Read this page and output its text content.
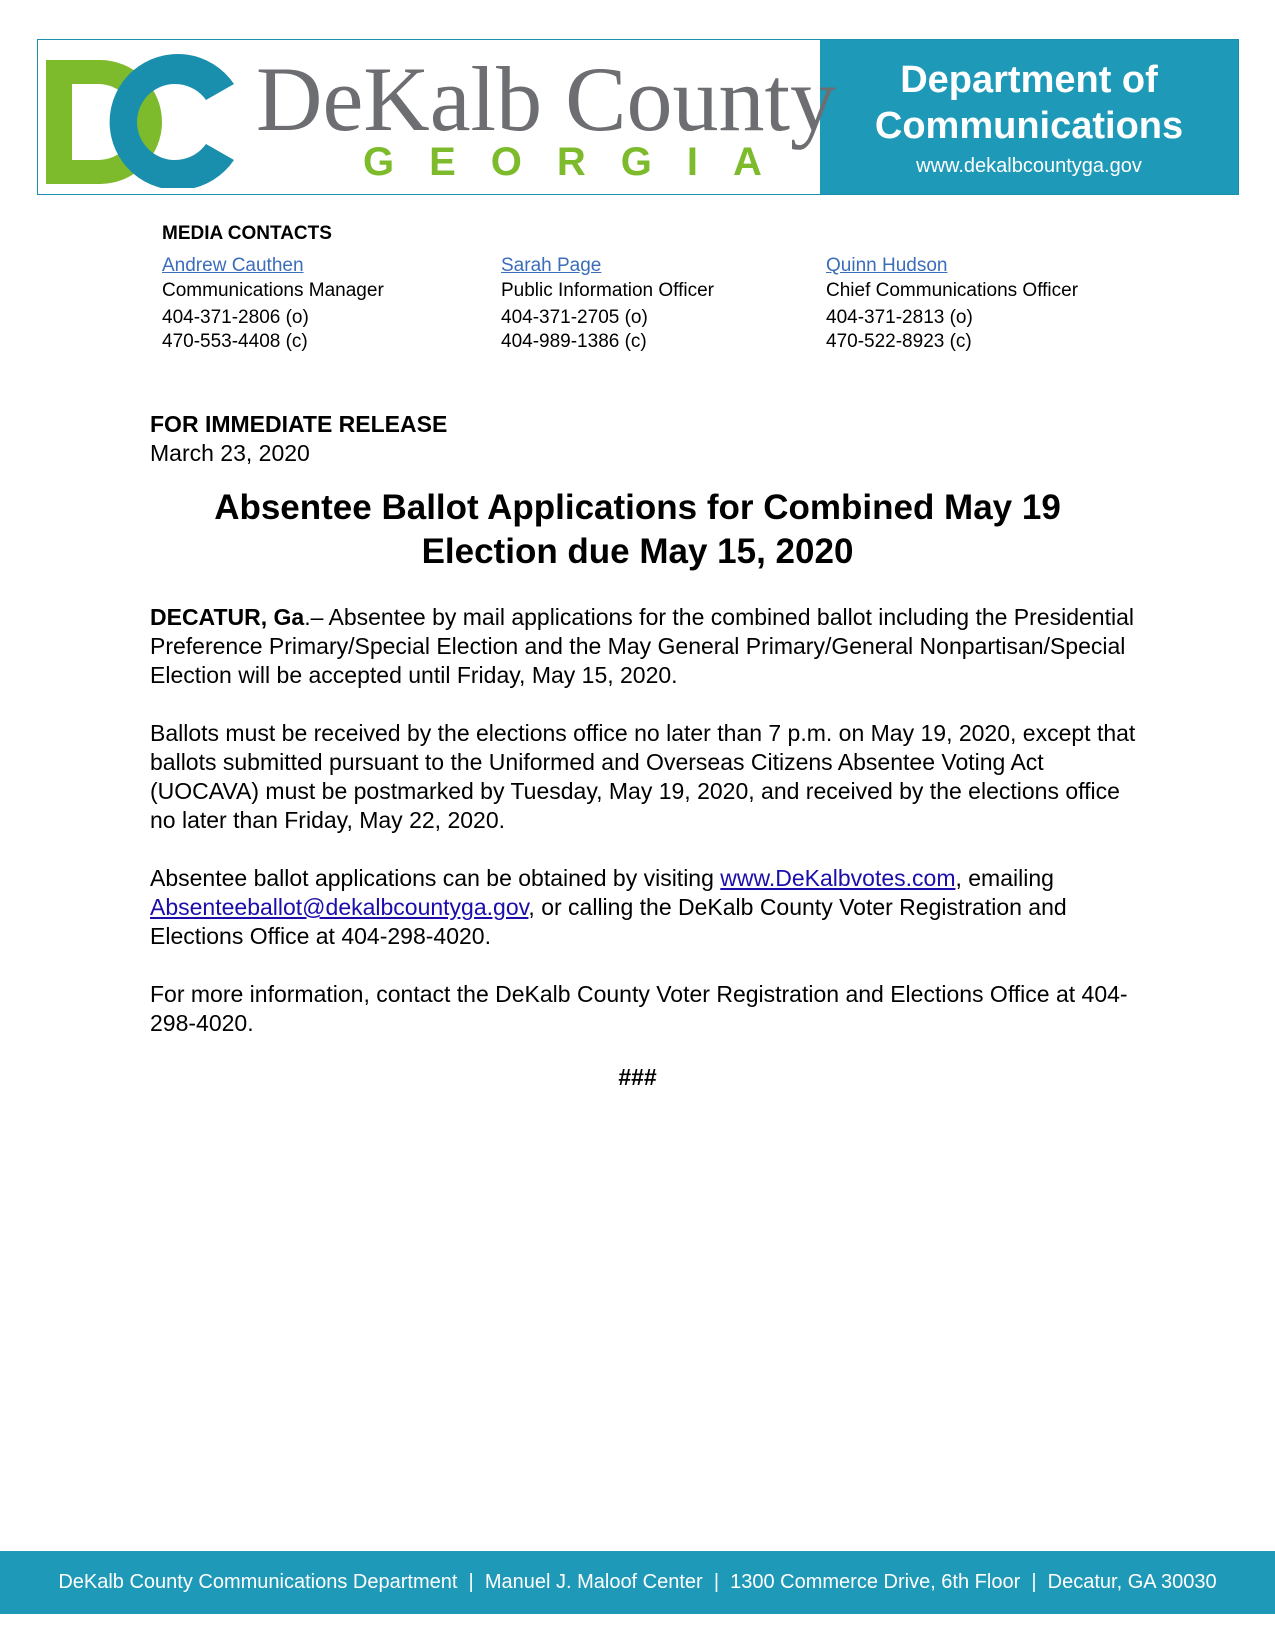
DeKalb County
GEORGIA
Department of
Communications
www.dekalbcountyga.gov
MEDIA CONTACTS
Andrew Cauthen
Communications Manager
404-371-2806 (o)
470-553-4408 (c)
Sarah Page
Public Information Officer
404-371-2705 (o)
404-989-1386 (c)
Quinn Hudson
Chief Communications Officer
404-371-2813 (o)
470-522-8923 (c)
FOR IMMEDIATE RELEASE
March 23, 2020
Absentee Ballot Applications for Combined May 19
Election due May 15, 2020

DECATUR, Ga.– Absentee by mail applications for the combined ballot including the Presidential Preference Primary/Special Election and the May General Primary/General Nonpartisan/Special Election will be accepted until Friday, May 15, 2020.

Ballots must be received by the elections office no later than 7 p.m. on May 19, 2020, except that ballots submitted pursuant to the Uniformed and Overseas Citizens Absentee Voting Act (UOCAVA) must be postmarked by Tuesday, May 19, 2020, and received by the elections office no later than Friday, May 22, 2020.

Absentee ballot applications can be obtained by visiting www.DeKalbvotes.com, emailing Absenteeballot@dekalbcountyga.gov, or calling the DeKalb County Voter Registration and Elections Office at 404-298-4020.

For more information, contact the DeKalb County Voter Registration and Elections Office at 404-298-4020.

###
DeKalb County Communications Department  |  Manuel J. Maloof Center  |  1300 Commerce Drive, 6th Floor  |  Decatur, GA 30030
